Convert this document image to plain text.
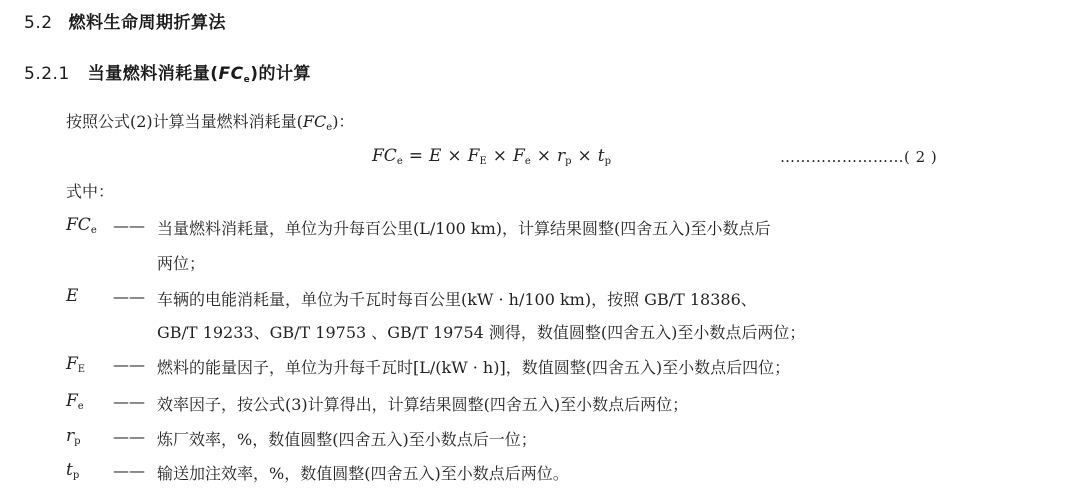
5.2 燃料生命周期折算法
5.2.1 当量燃料消耗量(FCe)的计算
按照公式(2)计算当量燃料消耗量$(FC_e)$：
$FC_e = E \times F_E \times F_e \times r_p \times t_p$	……………………( 2 )
式中：
$FC_e$ —— 当量燃料消耗量，单位为升每百公里(L/100 km)，计算结果圆整(四舍五入)至小数点后
两位；
E —— 车辆的电能消耗量，单位为千瓦时每百公里(kW · h/100 km)，按照 GB/T 18386、
GB/T 19233、GB/T 19753 、GB/T 19754 测得，数值圆整(四舍五入)至小数点后两位；
$F_E$ —— 燃料的能量因子，单位为升每千瓦时[L/(kW · h)]，数值圆整(四舍五入)至小数点后四位；
$F_e$ —— 效率因子，按公式(3)计算得出，计算结果圆整(四舍五入)至小数点后两位；
$r_p$ —— 炼厂效率，%，数值圆整(四舍五入)至小数点后一位；
$t_p$ —— 输送加注效率，%，数值圆整(四舍五入)至小数点后两位。
